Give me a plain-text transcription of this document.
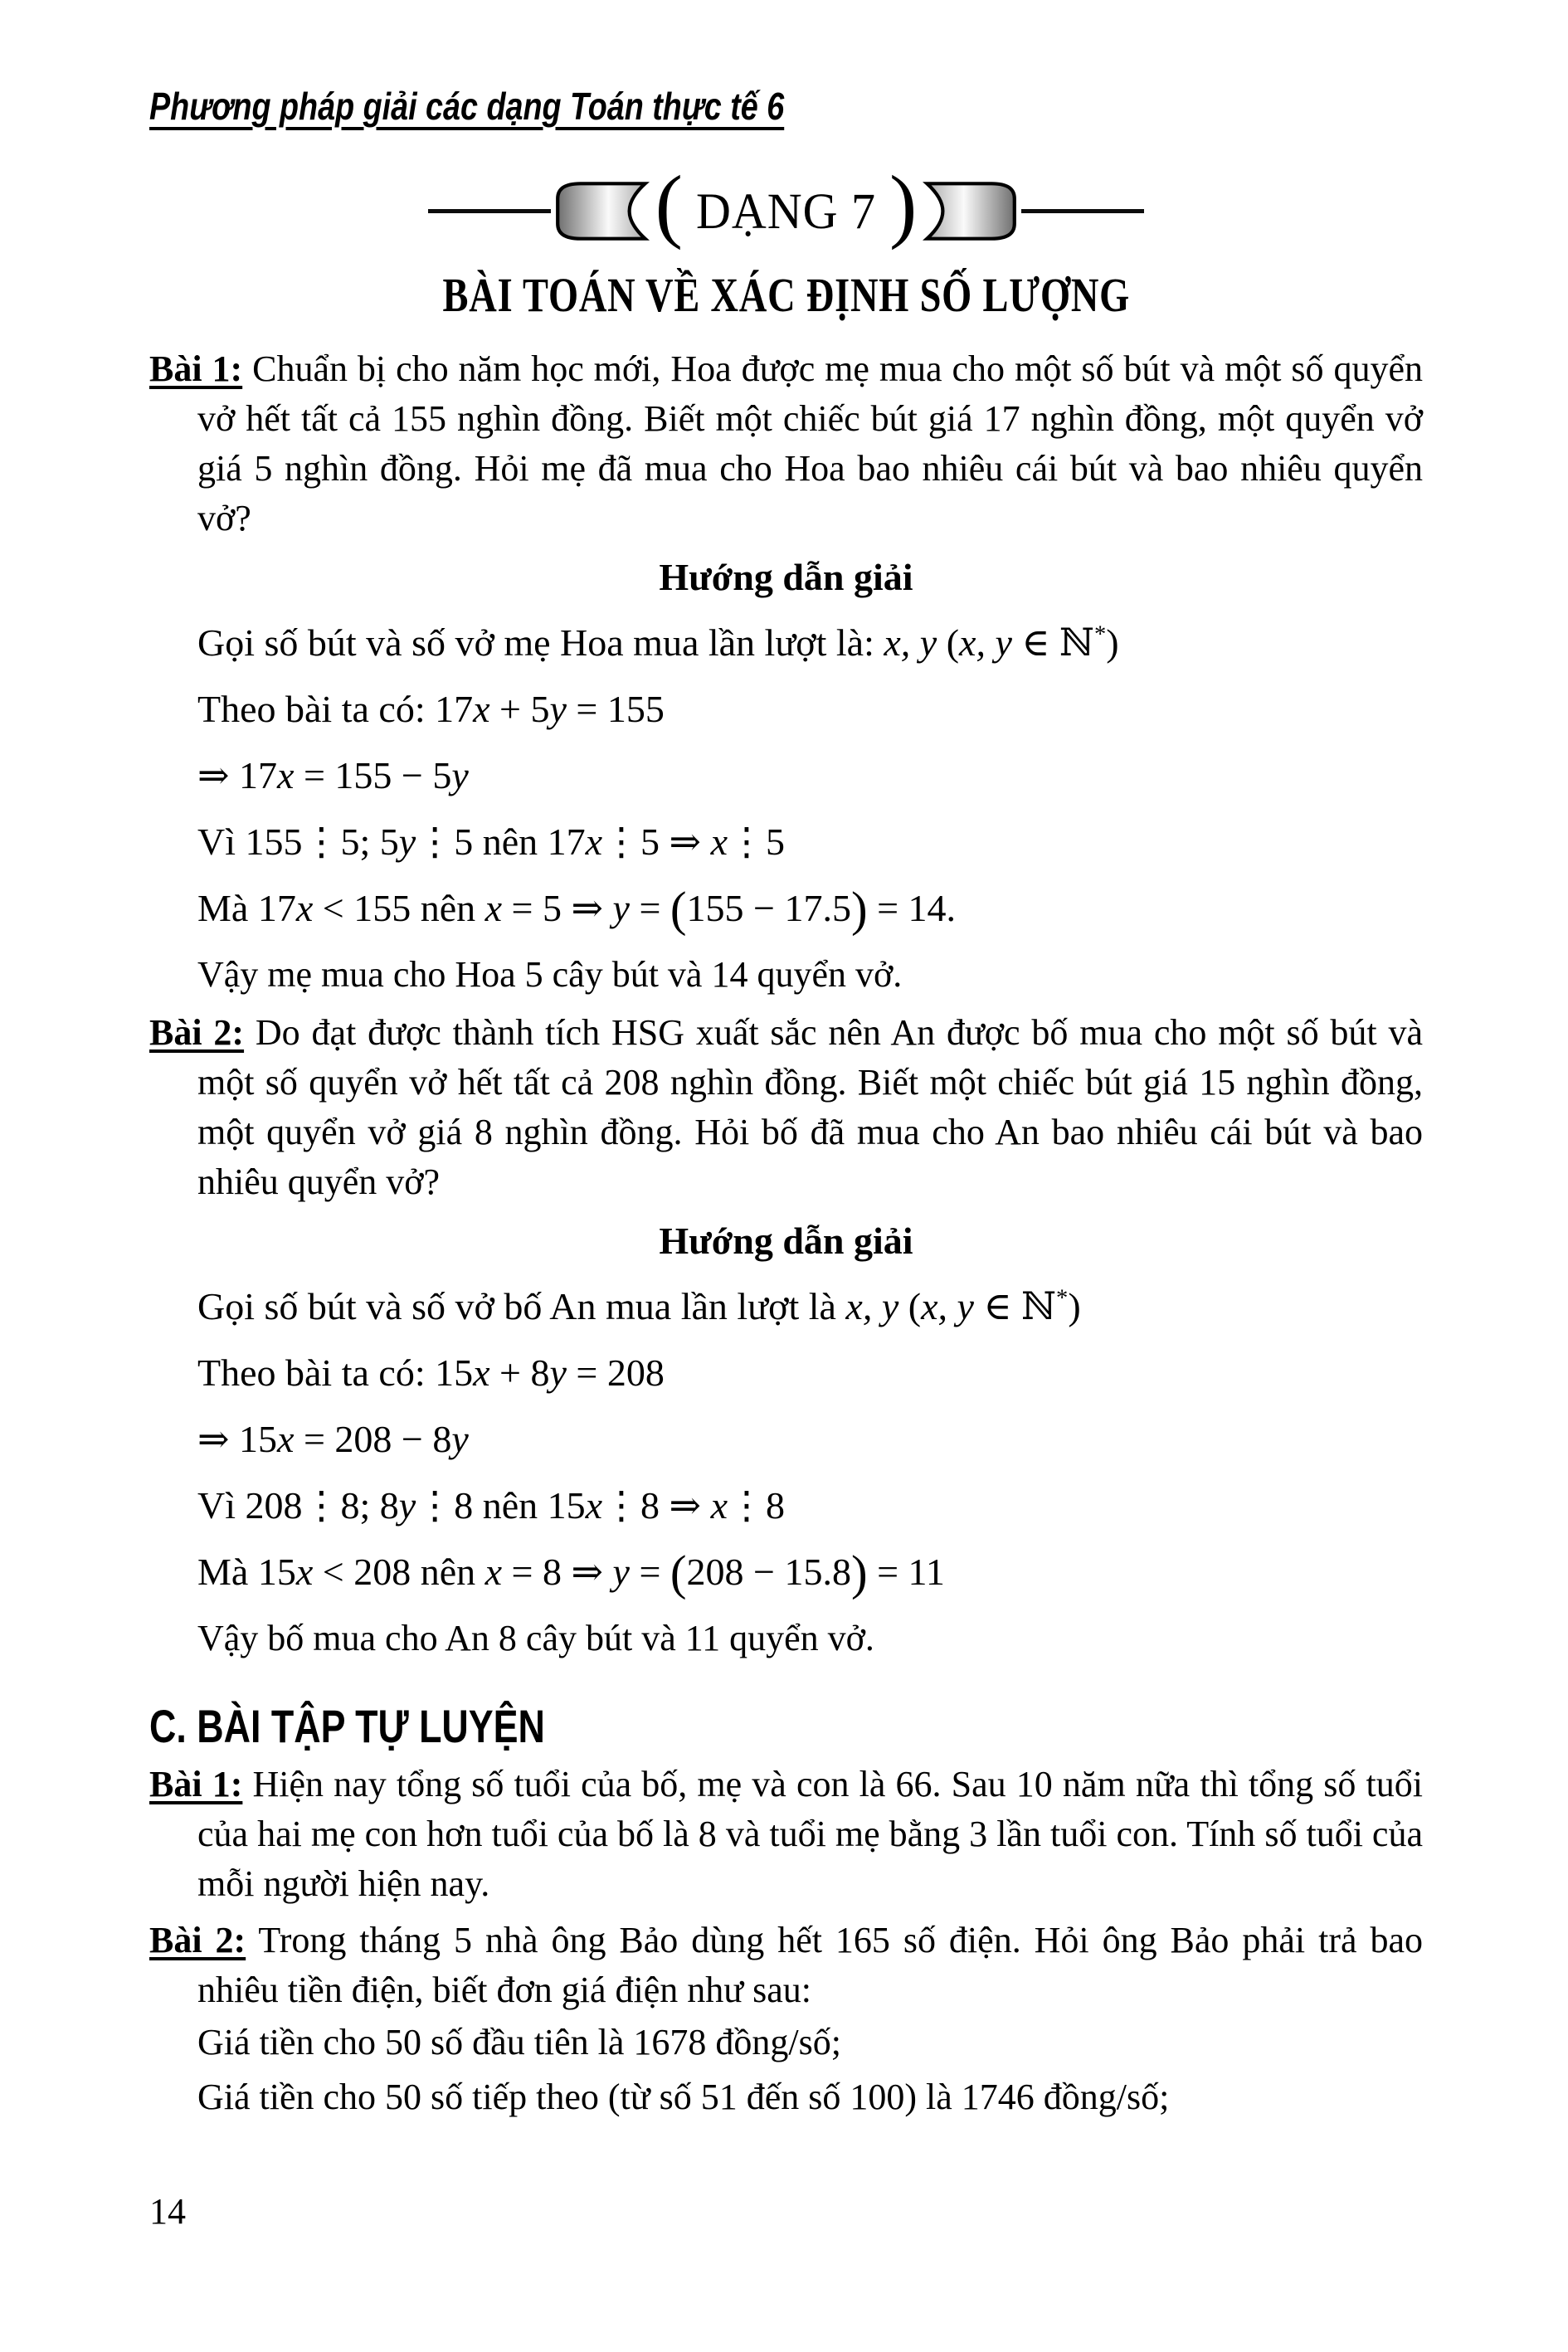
Phương pháp giải các dạng Toán thực tế 6
( DẠNG 7 )
BÀI TOÁN VỀ XÁC ĐỊNH SỐ LƯỢNG

Bài 1: Chuẩn bị cho năm học mới, Hoa được mẹ mua cho một số bút và một số quyển vở hết tất cả 155 nghìn đồng. Biết một chiếc bút giá 17 nghìn đồng, một quyển vở giá 5 nghìn đồng. Hỏi mẹ đã mua cho Hoa bao nhiêu cái bút và bao nhiêu quyển vở?

Hướng dẫn giải
Gọi số bút và số vở mẹ Hoa mua lần lượt là: x, y (x, y ∈ ℕ*)
Theo bài ta có: 17x + 5y = 155
⇒ 17x = 155 − 5y
Vì 155⋮5; 5y⋮5 nên 17x⋮5 ⇒ x⋮5
Mà 17x < 155 nên x = 5 ⇒ y = (155 − 17.5) = 14.

Vậy mẹ mua cho Hoa 5 cây bút và 14 quyển vở.

Bài 2: Do đạt được thành tích HSG xuất sắc nên An được bố mua cho một số bút và một số quyển vở hết tất cả 208 nghìn đồng. Biết một chiếc bút giá 15 nghìn đồng, một quyển vở giá 8 nghìn đồng. Hỏi bố đã mua cho An bao nhiêu cái bút và bao nhiêu quyển vở?

Hướng dẫn giải
Gọi số bút và số vở bố An mua lần lượt là x, y (x, y ∈ ℕ*)
Theo bài ta có: 15x + 8y = 208
⇒ 15x = 208 − 8y
Vì 208⋮8; 8y⋮8 nên 15x⋮8 ⇒ x⋮8
Mà 15x < 208 nên x = 8 ⇒ y = (208 − 15.8) = 11

Vậy bố mua cho An 8 cây bút và 11 quyển vở.

C. BÀI TẬP TỰ LUYỆN

Bài 1: Hiện nay tổng số tuổi của bố, mẹ và con là 66. Sau 10 năm nữa thì tổng số tuổi của hai mẹ con hơn tuổi của bố là 8 và tuổi mẹ bằng 3 lần tuổi con. Tính số tuổi của mỗi người hiện nay.

Bài 2: Trong tháng 5 nhà ông Bảo dùng hết 165 số điện. Hỏi ông Bảo phải trả bao nhiêu tiền điện, biết đơn giá điện như sau:

Giá tiền cho 50 số đầu tiên là 1678 đồng/số;
Giá tiền cho 50 số tiếp theo (từ số 51 đến số 100) là 1746 đồng/số;
14
